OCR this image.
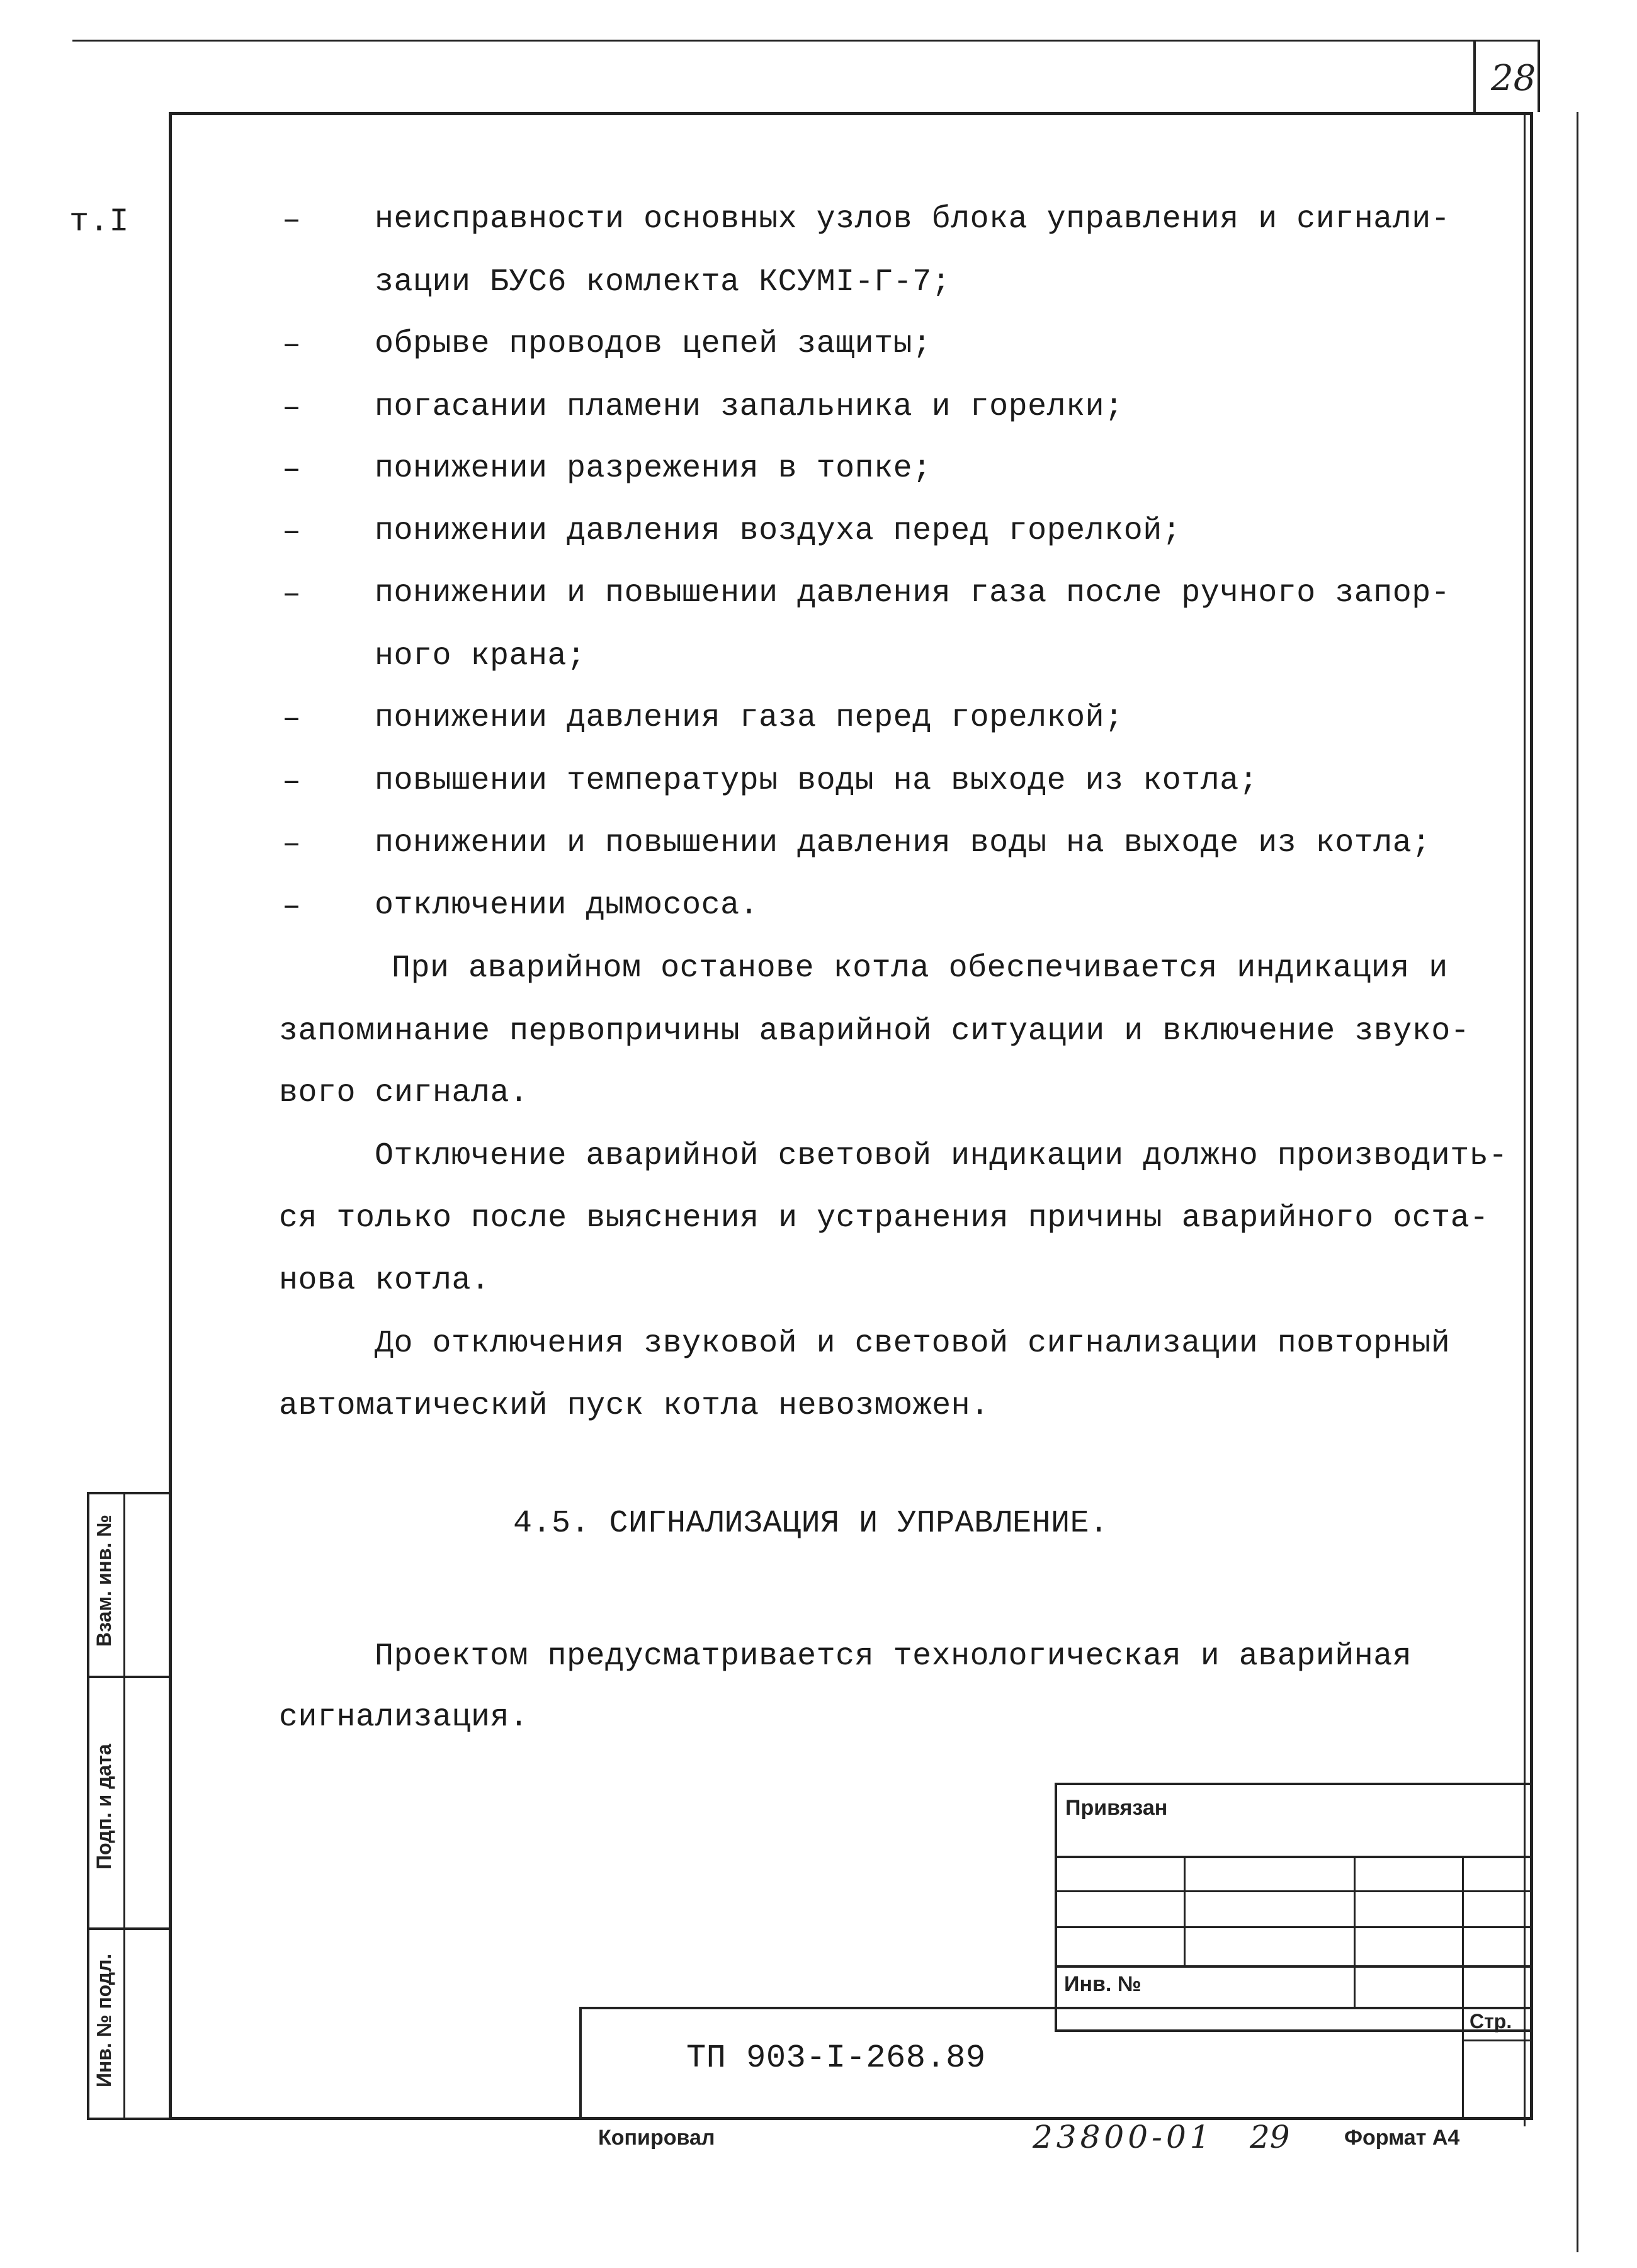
28
т.I	– неисправности основных узлов блока управления и сигнали-
зации БУС6 комлекта КСУМI-Г-7;
– обрыве проводов цепей защиты;
– погасании пламени запальника и горелки;
– понижении разрежения в топке;
– понижении давления воздуха перед горелкой;
– понижении и повышении давления газа после ручного запор-
ного крана;
– понижении давления газа перед горелкой;
– повышении температуры воды на выходе из котла;
– понижении и повышении давления воды на выходе из котла;
– отключении дымососа.
При аварийном останове котла обеспечивается индикация и
запоминание первопричины аварийной ситуации и включение звуко-
вого сигнала.
Отключение аварийной световой индикации должно производить-
ся только после выяснения и устранения причины аварийного оста-
нова котла.
До отключения звуковой и световой сигнализации повторный
автоматический пуск котла невозможен.
4.5. СИГНАЛИЗАЦИЯ И УПРАВЛЕНИЕ.
Проектом предусматривается технологическая и аварийная
сигнализация.
Взам. инв. №
Подп. и дата
Инв. № подл.
Привязан
Инв. №
ТП 903-I-268.89
Стр.
Копировал	23800-01 29	Формат А4
